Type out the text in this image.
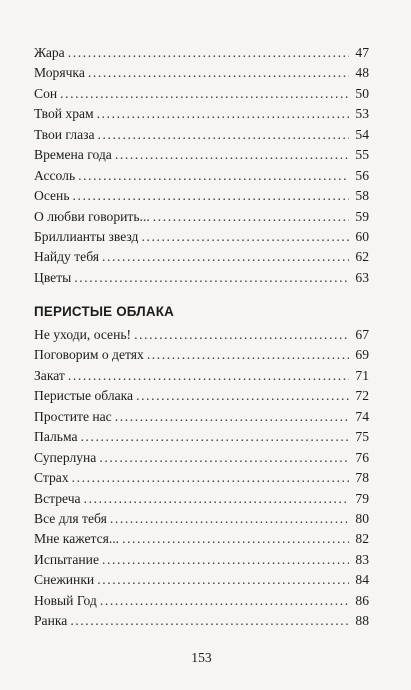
Жара .....	47
Морячка .....	48
Сон .....	50
Твой храм .....	53
Твои глаза .....	54
Времена года .....	55
Ассоль .....	56
Осень .....	58
О любви говорить... .....	59
Бриллианты звезд .....	60
Найду тебя .....	62
Цветы .....	63
ПЕРИСТЫЕ ОБЛАКА
Не уходи, осень! .....	67
Поговорим о детях .....	69
Закат .....	71
Перистые облака .....	72
Простите нас .....	74
Пальма .....	75
Суперлуна .....	76
Страх .....	78
Встреча .....	79
Все для тебя .....	80
Мне кажется... .....	82
Испытание .....	83
Снежинки .....	84
Новый Год .....	86
Ранка .....	88
153
